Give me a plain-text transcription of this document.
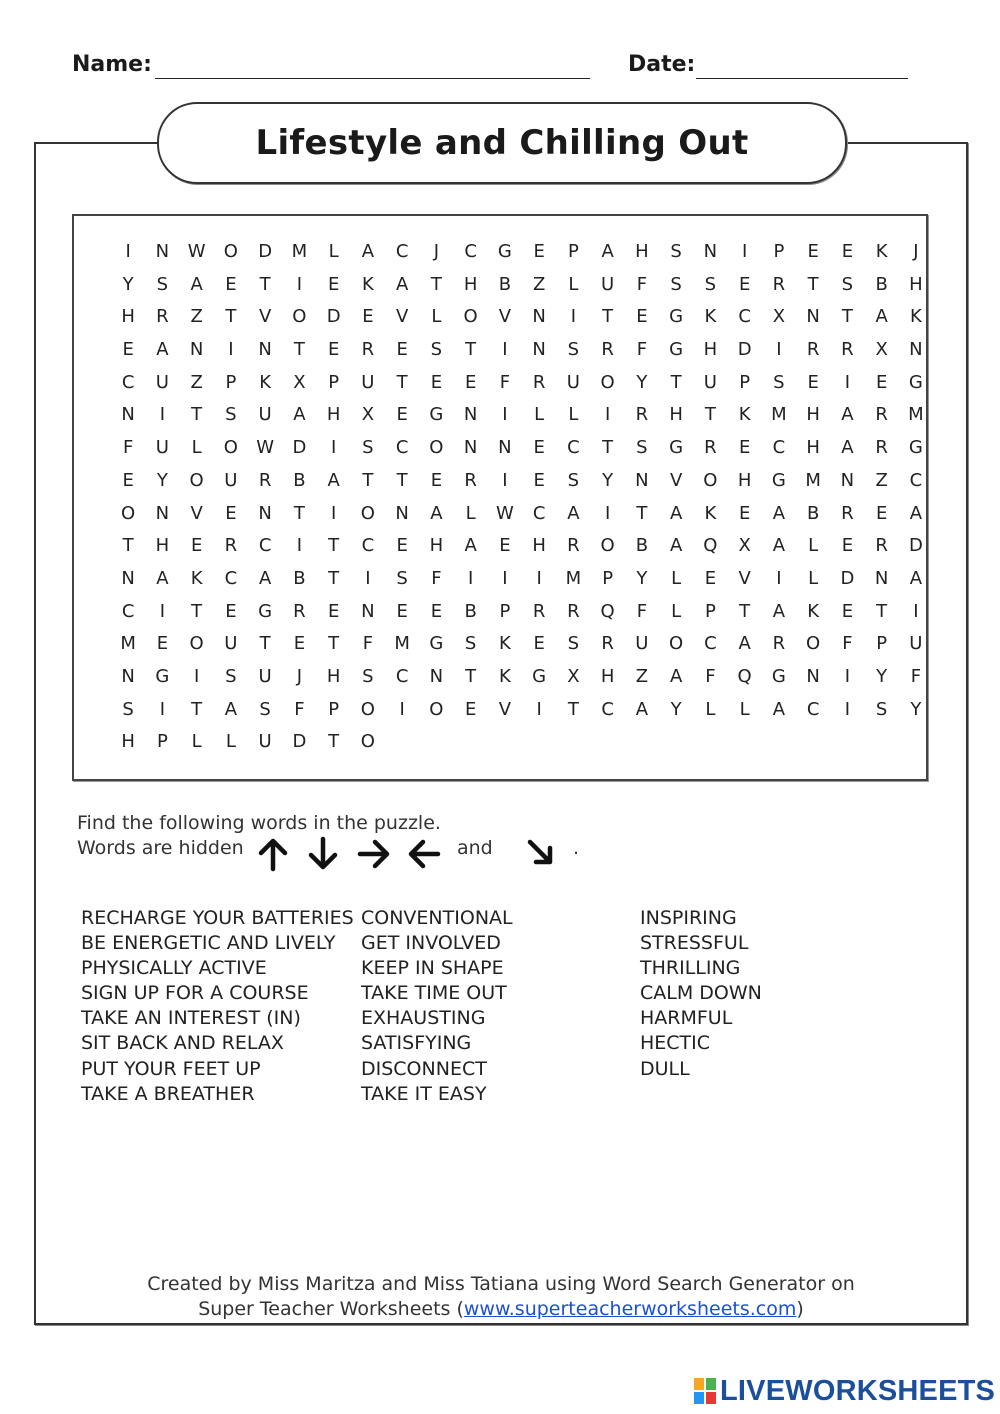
Name:	Date:
Lifestyle and Chilling Out
I	N	W	O	D	M	L	A	C	J	C	G	E	P	A	H	S	N	I	P	E	E	K	J
Y	S	A	E	T	I	E	K	A	T	H	B	Z	L	U	F	S	S	E	R	T	S	B	H
H	R	Z	T	V	O	D	E	V	L	O	V	N	I	T	E	G	K	C	X	N	T	A	K
E	A	N	I	N	T	E	R	E	S	T	I	N	S	R	F	G	H	D	I	R	R	X	N
C	U	Z	P	K	X	P	U	T	E	E	F	R	U	O	Y	T	U	P	S	E	I	E	G
N	I	T	S	U	A	H	X	E	G	N	I	L	L	I	R	H	T	K	M	H	A	R	M
F	U	L	O	W	D	I	S	C	O	N	N	E	C	T	S	G	R	E	C	H	A	R	G
E	Y	O	U	R	B	A	T	T	E	R	I	E	S	Y	N	V	O	H	G	M	N	Z	C
O	N	V	E	N	T	I	O	N	A	L	W	C	A	I	T	A	K	E	A	B	R	E	A
T	H	E	R	C	I	T	C	E	H	A	E	H	R	O	B	A	Q	X	A	L	E	R	D
N	A	K	C	A	B	T	I	S	F	I	I	I	M	P	Y	L	E	V	I	L	D	N	A
C	I	T	E	G	R	E	N	E	E	B	P	R	R	Q	F	L	P	T	A	K	E	T	I
M	E	O	U	T	E	T	F	M	G	S	K	E	S	R	U	O	C	A	R	O	F	P	U
N	G	I	S	U	J	H	S	C	N	T	K	G	X	H	Z	A	F	Q	G	N	I	Y	F
S	I	T	A	S	F	P	O	I	O	E	V	I	T	C	A	Y	L	L	A	C	I	S	Y
H	P	L	L	U	D	T	O
Find the following words in the puzzle.
Words are hidden	and	.
RECHARGE YOUR BATTERIES
BE ENERGETIC AND LIVELY
PHYSICALLY ACTIVE
SIGN UP FOR A COURSE
TAKE AN INTEREST (IN)
SIT BACK AND RELAX
PUT YOUR FEET UP
TAKE A BREATHER
CONVENTIONAL
GET INVOLVED
KEEP IN SHAPE
TAKE TIME OUT
EXHAUSTING
SATISFYING
DISCONNECT
TAKE IT EASY
INSPIRING
STRESSFUL
THRILLING
CALM DOWN
HARMFUL
HECTIC
DULL
Created by Miss Maritza and Miss Tatiana using Word Search Generator on
Super Teacher Worksheets (www.superteacherworksheets.com)
LIVEWORKSHEETS
